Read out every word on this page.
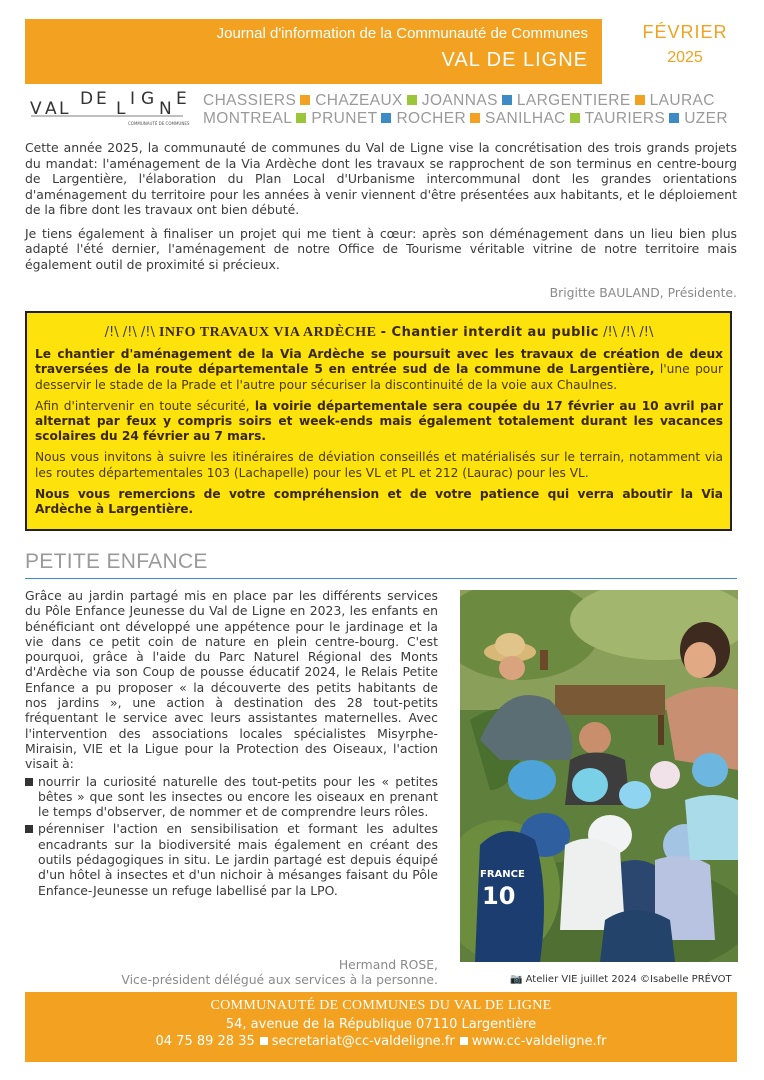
Journal d'information de la Communauté de Communes
VAL DE LIGNE
FÉVRIER
2025
V A L D E L I G N E
COMMUNAUTÉ DE COMMUNES
CHASSIERS CHAZEAUX JOANNAS LARGENTIERE LAURAC
MONTREAL PRUNET ROCHER SANILHAC TAURIERS UZER

Cette année 2025, la communauté de communes du Val de Ligne vise la concrétisation des trois grands projets du mandat: l'aménagement de la Via Ardèche dont les travaux se rapprochent de son terminus en centre-bourg de Largentière, l'élaboration du Plan Local d'Urbanisme intercommunal dont les grandes orientations d'aménagement du territoire pour les années à venir viennent d'être présentées aux habitants, et le déploiement de la fibre dont les travaux ont bien débuté.

Je tiens également à finaliser un projet qui me tient à cœur: après son déménagement dans un lieu bien plus adapté l'été dernier, l'aménagement de notre Office de Tourisme véritable vitrine de notre territoire mais également outil de proximité si précieux.

Brigitte BAULAND, Présidente.
/!\ /!\ /!\ INFO TRAVAUX VIA ARDÈCHE - Chantier interdit au public /!\ /!\ /!\

Le chantier d'aménagement de la Via Ardèche se poursuit avec les travaux de création de deux traversées de la route départementale 5 en entrée sud de la commune de Largentière, l'une pour desservir le stade de la Prade et l'autre pour sécuriser la discontinuité de la voie aux Chaulnes.

Afin d'intervenir en toute sécurité, la voirie départementale sera coupée du 17 février au 10 avril par alternat par feux y compris soirs et week-ends mais également totalement durant les vacances scolaires du 24 février au 7 mars.

Nous vous invitons à suivre les itinéraires de déviation conseillés et matérialisés sur le terrain, notamment via les routes départementales 103 (Lachapelle) pour les VL et PL et 212 (Laurac) pour les VL.

Nous vous remercions de votre compréhension et de votre patience qui verra aboutir la Via Ardèche à Largentière.

PETITE ENFANCE

Grâce au jardin partagé mis en place par les différents services du Pôle Enfance Jeunesse du Val de Ligne en 2023, les enfants en bénéficiant ont développé une appétence pour le jardinage et la vie dans ce petit coin de nature en plein centre-bourg. C'est pourquoi, grâce à l'aide du Parc Naturel Régional des Monts d'Ardèche via son Coup de pousse éducatif 2024, le Relais Petite Enfance a pu proposer « la découverte des petits habitants de nos jardins », une action à destination des 28 tout-petits fréquentant le service avec leurs assistantes maternelles. Avec l'intervention des associations locales spécialistes Misyrphe-Miraisin, VIE et la Ligue pour la Protection des Oiseaux, l'action visait à:

nourrir la curiosité naturelle des tout-petits pour les « petites bêtes » que sont les insectes ou encore les oiseaux en prenant le temps d'observer, de nommer et de comprendre leurs rôles.
pérenniser l'action en sensibilisation et formant les adultes encadrants sur la biodiversité mais également en créant des outils pédagogiques in situ. Le jardin partagé est depuis équipé d'un hôtel à insectes et d'un nichoir à mésanges faisant du Pôle Enfance-Jeunesse un refuge labellisé par la LPO.
Hermand ROSE,
Vice-président délégué aux services à la personne.
FRANCE
10
📷 Atelier VIE juillet 2024 ©Isabelle PRÉVOT
COMMUNAUTÉ DE COMMUNES DU VAL DE LIGNE
54, avenue de la République 07110 Largentière
04 75 89 28 35 secretariat@cc-valdeligne.fr www.cc-valdeligne.fr
